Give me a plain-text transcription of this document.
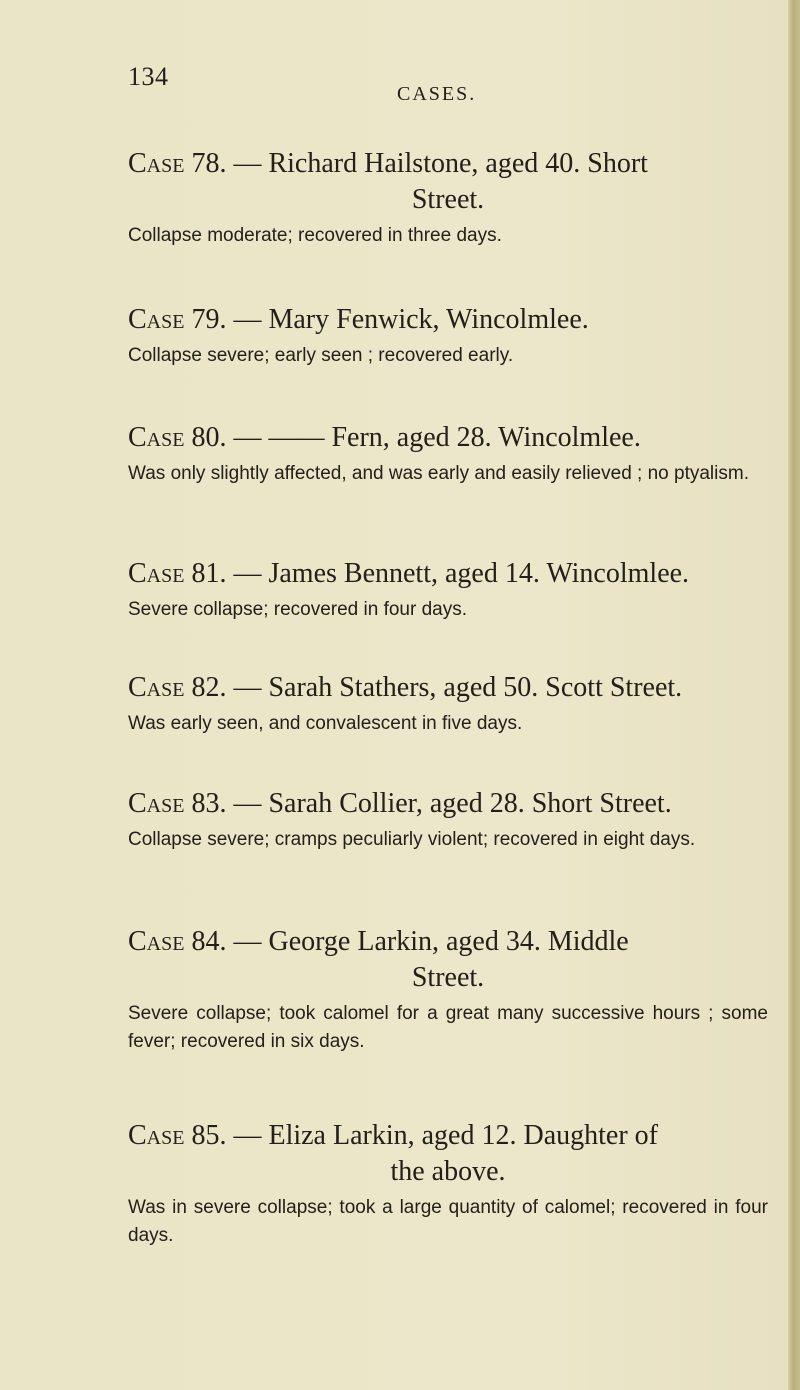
134
CASES.
Case 78. — Richard Hailstone, aged 40. Short
Street.
Collapse moderate; recovered in three days.
Case 79. — Mary Fenwick, Wincolmlee.
Collapse severe; early seen ; recovered early.
Case 80. — —— Fern, aged 28. Wincolmlee.
Was only slightly affected, and was early and easily relieved ; no ptyalism.
Case 81. — James Bennett, aged 14. Wincolmlee.
Severe collapse; recovered in four days.
Case 82. — Sarah Stathers, aged 50. Scott Street.
Was early seen, and convalescent in five days.
Case 83. — Sarah Collier, aged 28. Short Street.
Collapse severe; cramps peculiarly violent; recovered in eight days.
Case 84. — George Larkin, aged 34. Middle
Street.
Severe collapse; took calomel for a great many successive hours ; some fever; recovered in six days.
Case 85. — Eliza Larkin, aged 12. Daughter of
the above.
Was in severe collapse; took a large quantity of calomel; recovered in four days.
